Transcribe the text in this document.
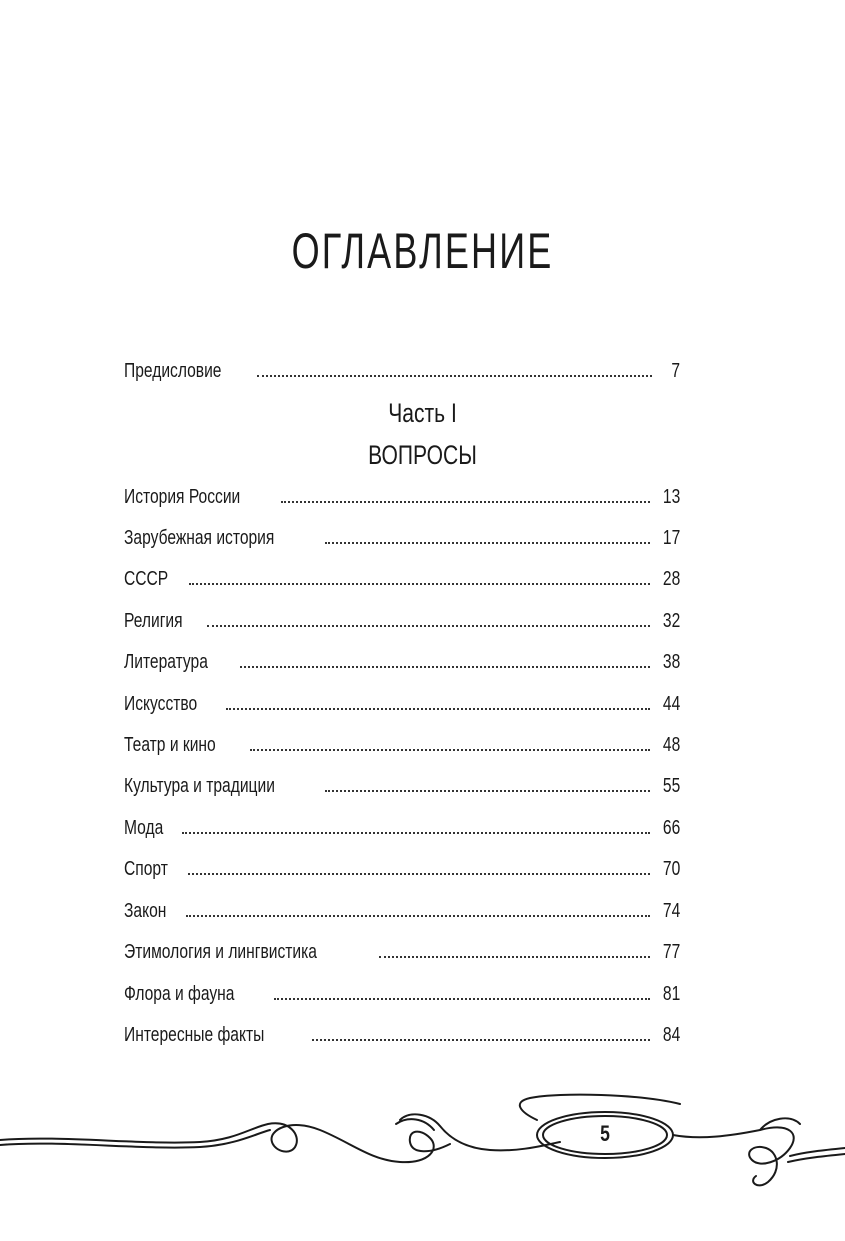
ОГЛАВЛЕНИЕ
Предисловие	7
Часть I
ВОПРОСЫ
История России	13
Зарубежная история	17
СССР	28
Религия	32
Литература	38
Искусство	44
Театр и кино	48
Культура и традиции	55
Мода	66
Спорт	70
Закон	74
Этимология и лингвистика	77
Флора и фауна	81
Интересные факты	84
5
